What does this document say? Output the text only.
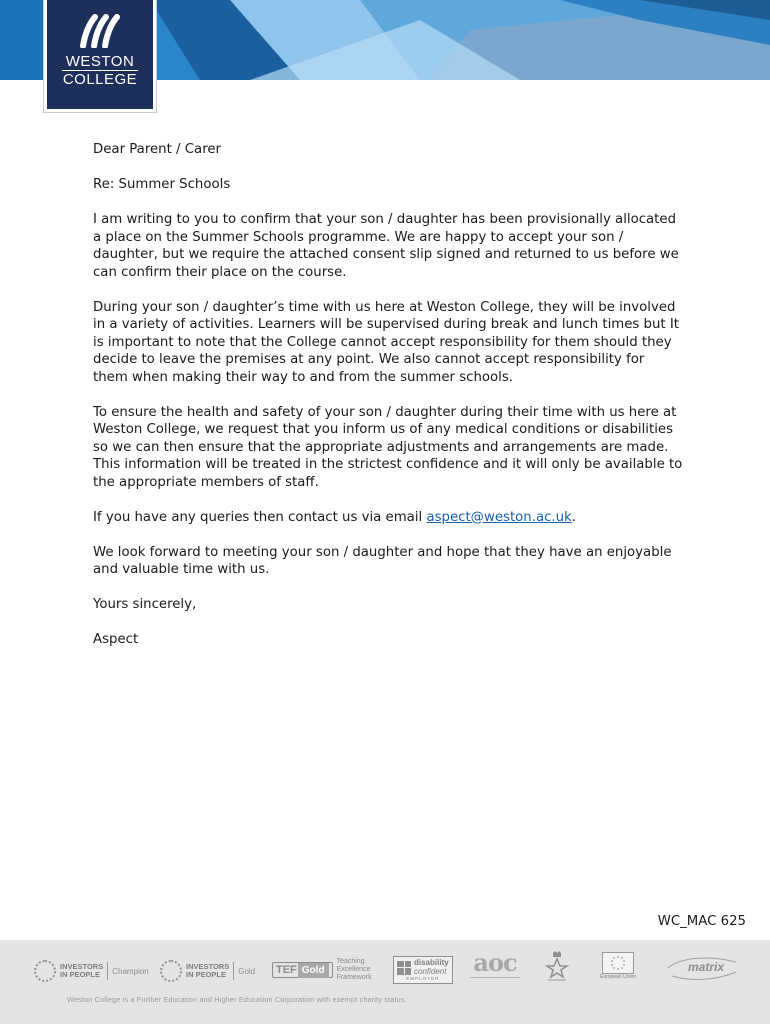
WESTON
COLLEGE

Dear Parent / Carer

Re: Summer Schools

I am writing to you to confirm that your son / daughter has been provisionally allocated a place on the Summer Schools programme. We are happy to accept your son / daughter, but we require the attached consent slip signed and returned to us before we can confirm their place on the course.

During your son / daughter’s time with us here at Weston College, they will be involved in a variety of activities. Learners will be supervised during break and lunch times but It is important to note that the College cannot accept responsibility for them should they decide to leave the premises at any point. We also cannot accept responsibility for them when making their way to and from the summer schools.

To ensure the health and safety of your son / daughter during their time with us here at Weston College, we request that you inform us of any medical conditions or disabilities so we can then ensure that the appropriate adjustments and arrangements are made. This information will be treated in the strictest confidence and it will only be available to the appropriate members of staff.

If you have any queries then contact us via email aspect@weston.ac.uk.

We look forward to meeting your son / daughter and hope that they have an enjoyable and valuable time with us.

Yours sincerely,

Aspect

WC_MAC 625
INVESTORS
IN PEOPLE	Champion	INVESTORS
IN PEOPLE	Gold	TEF Gold
Teaching
Excellence
Framework
disability
confident
EMPLOYER
aoc	European Union
matrix
Weston College is a Further Education and Higher Education Corporation with exempt charity status.
